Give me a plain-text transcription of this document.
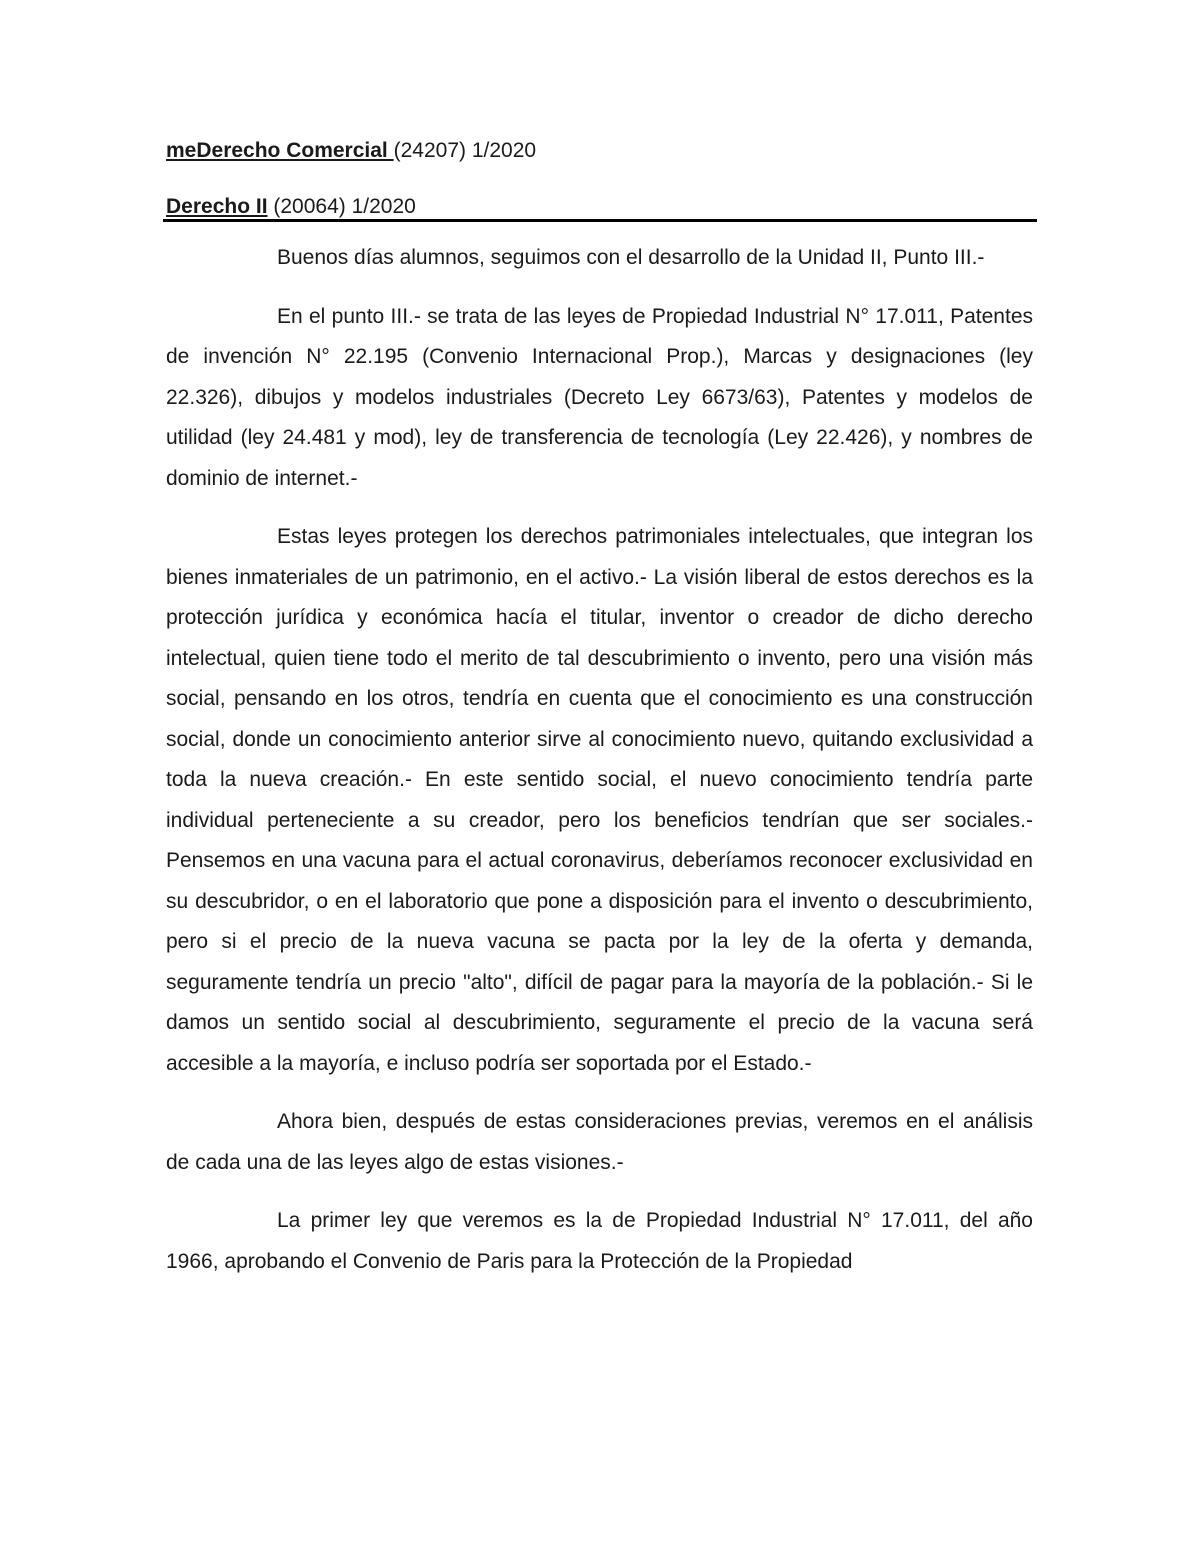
meDerecho Comercial (24207) 1/2020
Derecho II (20064) 1/2020

Buenos días alumnos, seguimos con el desarrollo de la Unidad II, Punto III.-

En el punto III.- se trata de las leyes de Propiedad Industrial N° 17.011, Patentes de invención N° 22.195 (Convenio Internacional Prop.), Marcas y designaciones (ley 22.326), dibujos y modelos industriales (Decreto Ley 6673/63), Patentes y modelos de utilidad (ley 24.481 y mod), ley de transferencia de tecnología (Ley 22.426), y nombres de dominio de internet.-

Estas leyes protegen los derechos patrimoniales intelectuales, que integran los bienes inmateriales de un patrimonio, en el activo.- La visión liberal de estos derechos es la protección jurídica y económica hacía el titular, inventor o creador de dicho derecho intelectual, quien tiene todo el merito de tal descubrimiento o invento, pero una visión más social, pensando en los otros, tendría en cuenta que el conocimiento es una construcción social, donde un conocimiento anterior sirve al conocimiento nuevo, quitando exclusividad a toda la nueva creación.- En este sentido social, el nuevo conocimiento tendría parte individual perteneciente a su creador, pero los beneficios tendrían que ser sociales.- Pensemos en una vacuna para el actual coronavirus, deberíamos reconocer exclusividad en su descubridor, o en el laboratorio que pone a disposición para el invento o descubrimiento, pero si el precio de la nueva vacuna se pacta por la ley de la oferta y demanda, seguramente tendría un precio "alto", difícil de pagar para la mayoría de la población.- Si le damos un sentido social al descubrimiento, seguramente el precio de la vacuna será accesible a la mayoría, e incluso podría ser soportada por el Estado.-

Ahora bien, después de estas consideraciones previas, veremos en el análisis de cada una de las leyes algo de estas visiones.-

La primer ley que veremos es la de Propiedad Industrial N° 17.011, del año 1966, aprobando el Convenio de Paris para la Protección de la Propiedad
